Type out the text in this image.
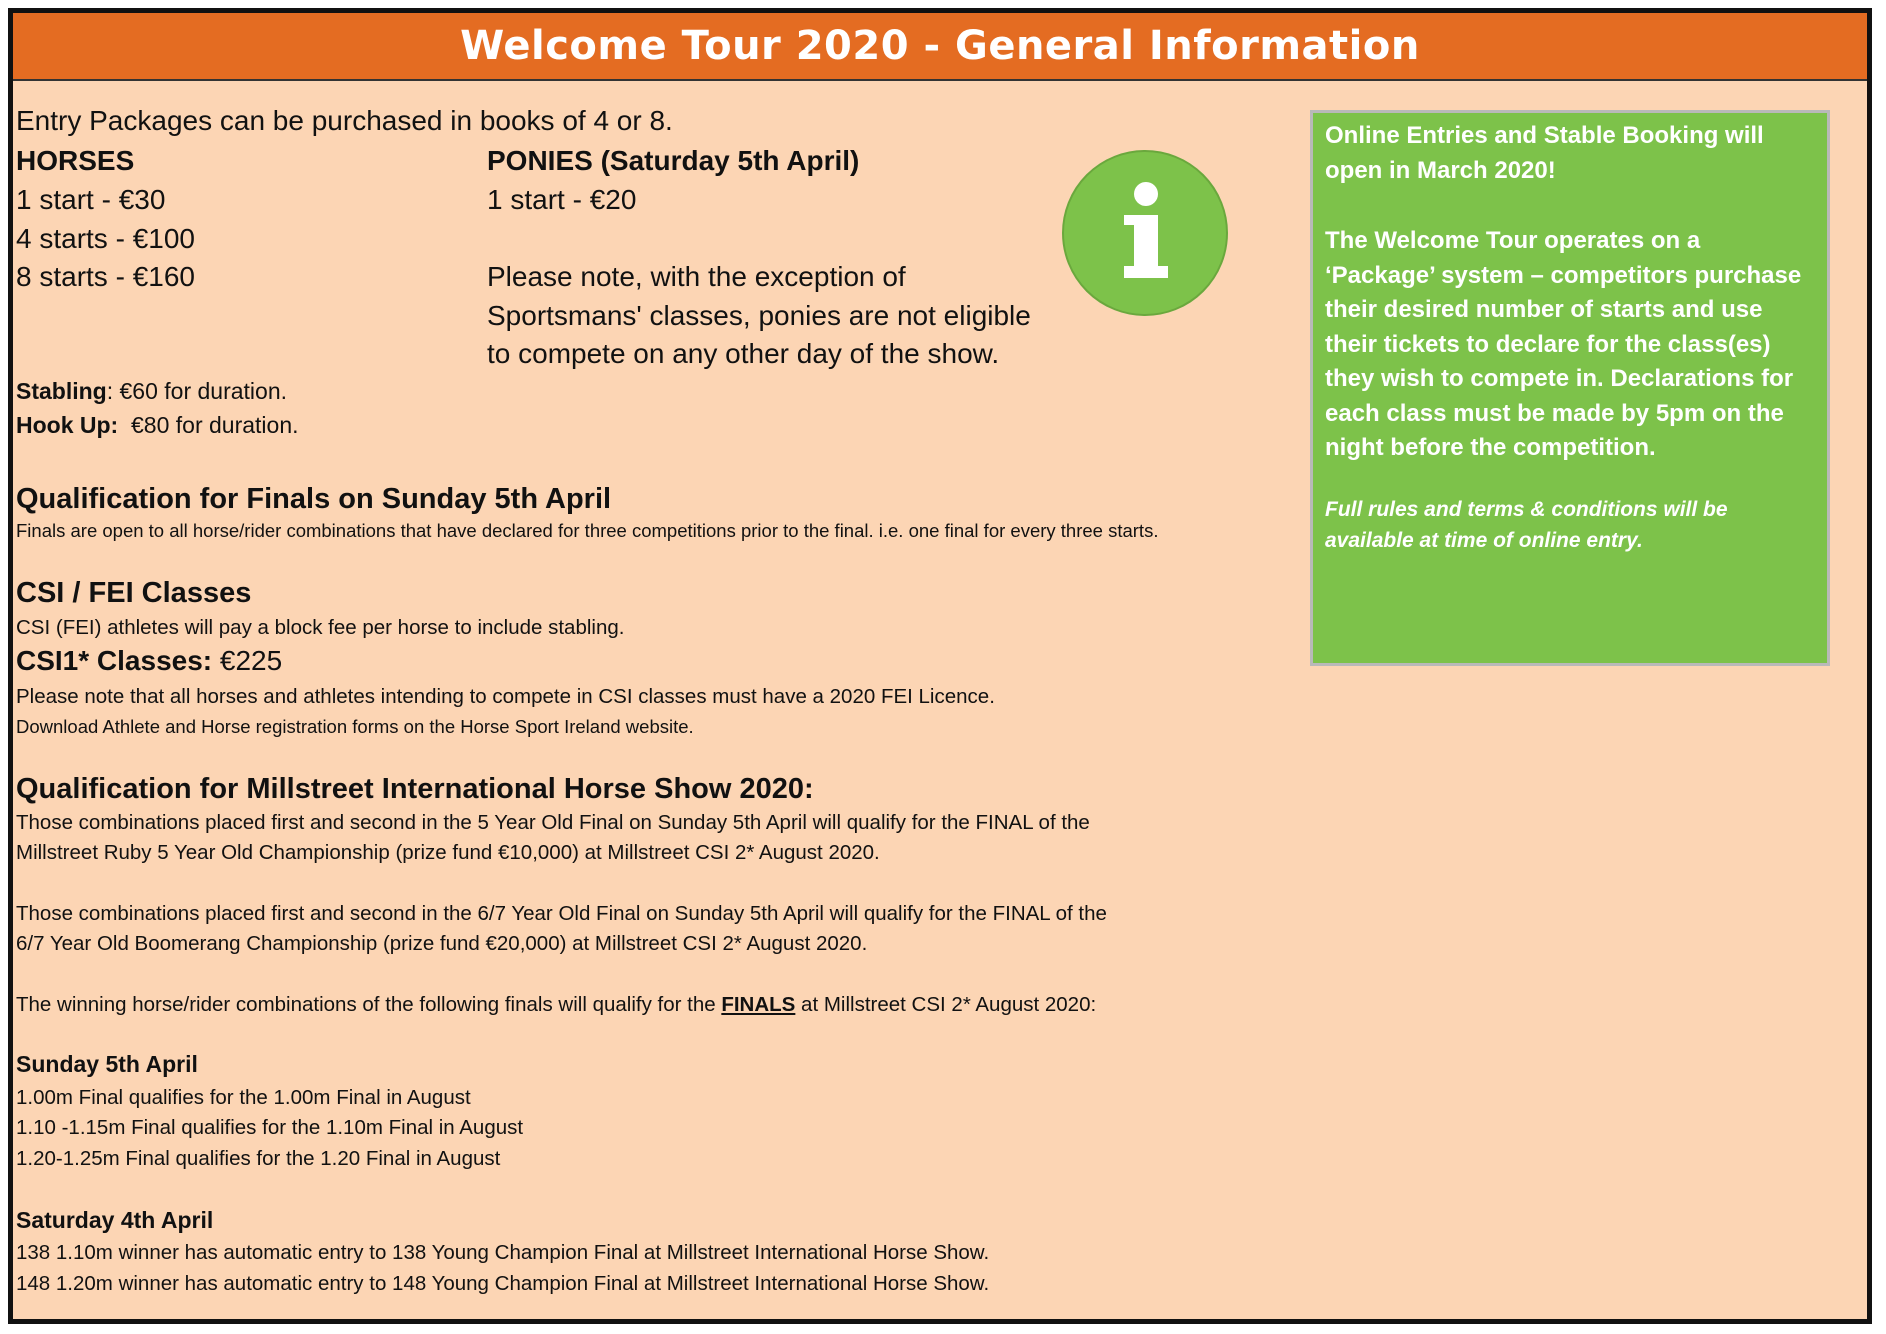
Welcome Tour 2020 - General Information
Entry Packages can be purchased in books of 4 or 8.
HORSES
1 start - €30
4 starts - €100
8 starts - €160
PONIES (Saturday 5th April)
1 start - €20
Please note, with the exception of
Sportsmans' classes, ponies are not eligible
to compete on any other day of the show.
Stabling: €60 for duration.
Hook Up: €80 for duration.
Qualification for Finals on Sunday 5th April
Finals are open to all horse/rider combinations that have declared for three competitions prior to the final. i.e. one final for every three starts.
CSI / FEI Classes
CSI (FEI) athletes will pay a block fee per horse to include stabling.
CSI1* Classes: €225
Please note that all horses and athletes intending to compete in CSI classes must have a 2020 FEI Licence.
Download Athlete and Horse registration forms on the Horse Sport Ireland website.
Qualification for Millstreet International Horse Show 2020:
Those combinations placed first and second in the 5 Year Old Final on Sunday 5th April will qualify for the FINAL of the
Millstreet Ruby 5 Year Old Championship (prize fund €10,000) at Millstreet CSI 2* August 2020.
Those combinations placed first and second in the 6/7 Year Old Final on Sunday 5th April will qualify for the FINAL of the
6/7 Year Old Boomerang Championship (prize fund €20,000) at Millstreet CSI 2* August 2020.
The winning horse/rider combinations of the following finals will qualify for the FINALS at Millstreet CSI 2* August 2020:
Sunday 5th April
1.00m Final qualifies for the 1.00m Final in August
1.10 -1.15m Final qualifies for the 1.10m Final in August
1.20-1.25m Final qualifies for the 1.20 Final in August
Saturday 4th April
138 1.10m winner has automatic entry to 138 Young Champion Final at Millstreet International Horse Show.
148 1.20m winner has automatic entry to 148 Young Champion Final at Millstreet International Horse Show.

Online Entries and Stable Booking will

open in March 2020!

The Welcome Tour operates on a

‘Package’ system – competitors purchase

their desired number of starts and use

their tickets to declare for the class(es)

they wish to compete in. Declarations for

each class must be made by 5pm on the

night before the competition.

Full rules and terms & conditions will be

available at time of online entry.
